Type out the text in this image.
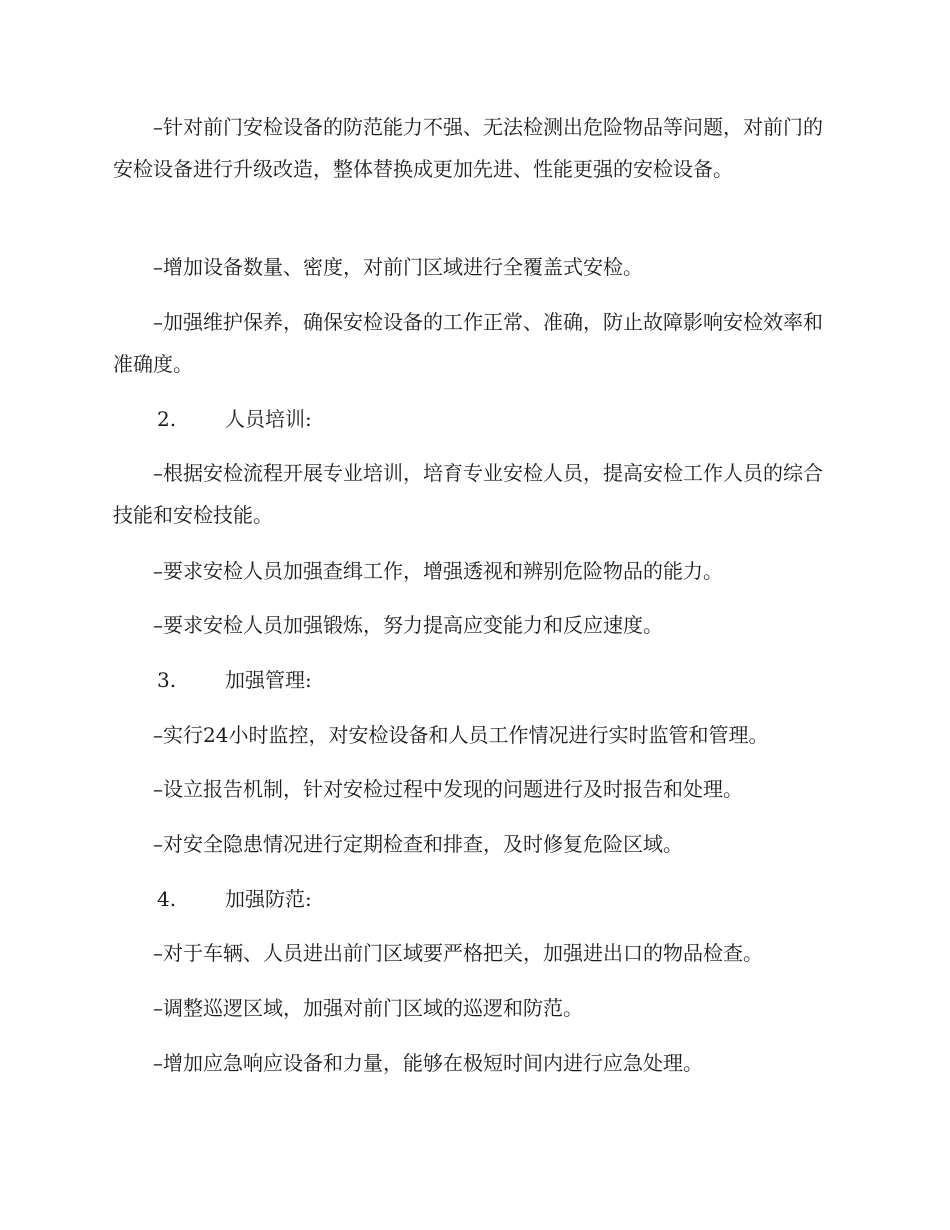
–针对前门安检设备的防范能力不强、无法检测出危险物品等问题，对前门的安检设备进行升级改造，整体替换成更加先进、性能更强的安检设备。

–增加设备数量、密度，对前门区域进行全覆盖式安检。

–加强维护保养，确保安检设备的工作正常、准确，防止故障影响安检效率和准确度。

2. 人员培训:

–根据安检流程开展专业培训，培育专业安检人员，提高安检工作人员的综合技能和安检技能。

–要求安检人员加强查缉工作，增强透视和辨别危险物品的能力。

–要求安检人员加强锻炼，努力提高应变能力和反应速度。

3. 加强管理:

–实行24小时监控，对安检设备和人员工作情况进行实时监管和管理。

–设立报告机制，针对安检过程中发现的问题进行及时报告和处理。

–对安全隐患情况进行定期检查和排查，及时修复危险区域。

4. 加强防范:

–对于车辆、人员进出前门区域要严格把关，加强进出口的物品检查。

–调整巡逻区域，加强对前门区域的巡逻和防范。

–增加应急响应设备和力量，能够在极短时间内进行应急处理。
